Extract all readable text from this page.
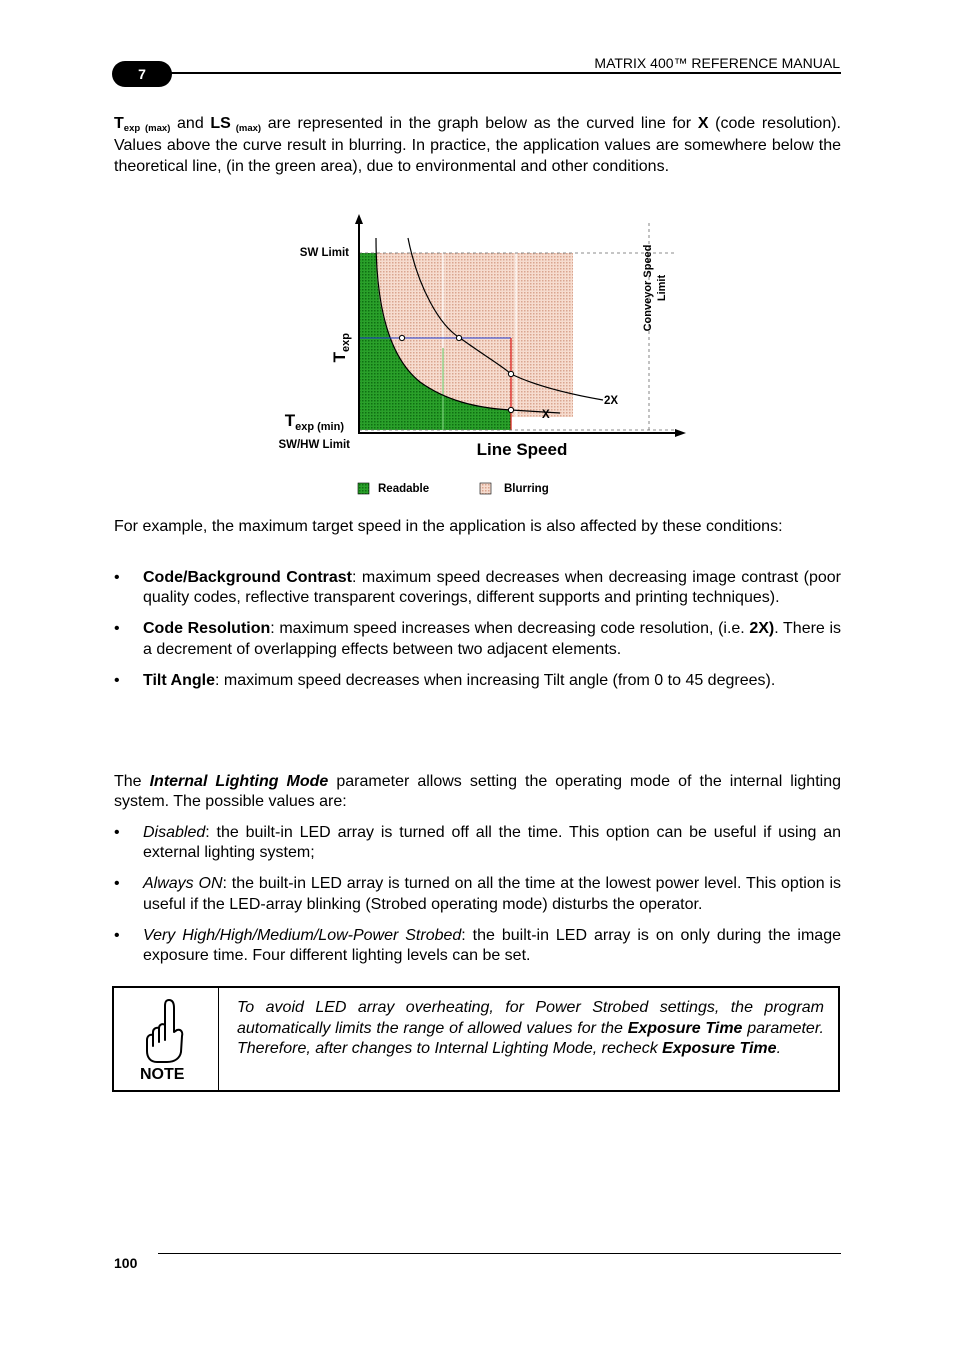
MATRIX 400™ REFERENCE MANUAL
7

$T_{exp (max)}$ and LS $_{(max)}$ are represented in the graph below as the curved line for X (code resolution). Values above the curve result in blurring. In practice, the application values are somewhere below the theoretical line, (in the green area), due to environmental and other conditions.

SW Limit
$T_{exp}$
$T_{exp (min)}$
SW/HW Limit	Line Speed
X
2X
Conveyor Speed Limit
Readable	Blurring

For example, the maximum target speed in the application is also affected by these conditions:

• Code/Background Contrast: maximum speed decreases when decreasing image contrast (poor quality codes, reflective transparent coverings, different supports and printing techniques).
• Code Resolution: maximum speed increases when decreasing code resolution, (i.e. 2X). There is a decrement of overlapping effects between two adjacent elements.
• Tilt Angle: maximum speed decreases when increasing Tilt angle (from 0 to 45 degrees).

The Internal Lighting Mode parameter allows setting the operating mode of the internal lighting system. The possible values are:

• Disabled: the built-in LED array is turned off all the time. This option can be useful if using an external lighting system;
• Always ON: the built-in LED array is turned on all the time at the lowest power level. This option is useful if the LED-array blinking (Strobed operating mode) disturbs the operator.
• Very High/High/Medium/Low-Power Strobed: the built-in LED array is on only during the image exposure time. Four different lighting levels can be set.
NOTE

To avoid LED array overheating, for Power Strobed settings, the program automatically limits the range of allowed values for the Exposure Time parameter. Therefore, after changes to Internal Lighting Mode, recheck Exposure Time.

100
